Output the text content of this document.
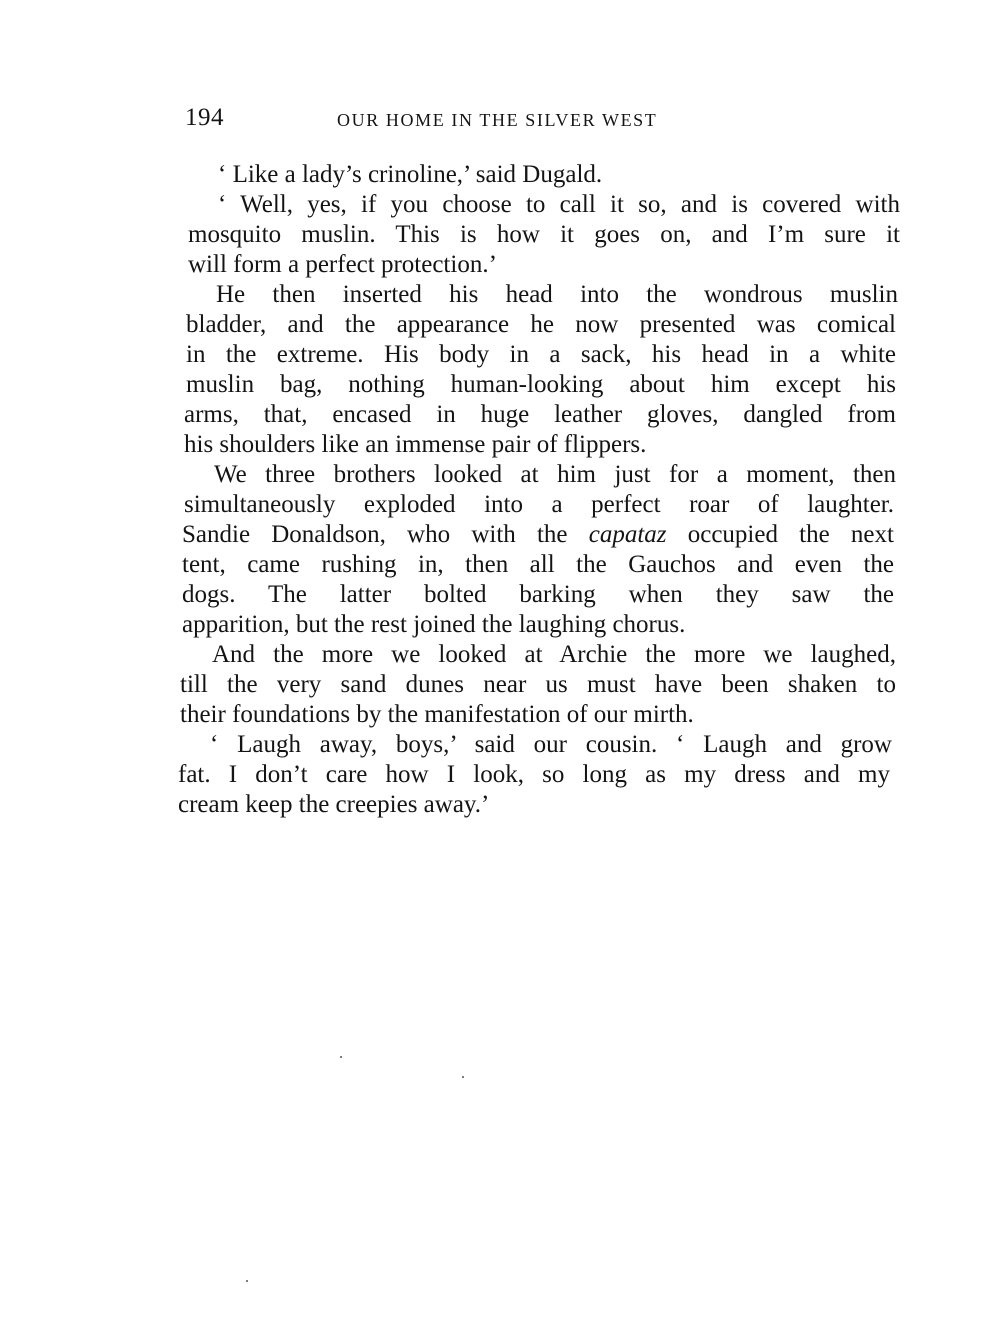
194	OUR HOME IN THE SILVER WEST
‘ Like a lady’s crinoline,’ said Dugald.
‘ Well, yes, if you choose to call it so, and is covered with
mosquito muslin. This is how it goes on, and I’m sure it
will form a perfect protection.’
He then inserted his head into the wondrous muslin
bladder, and the appearance he now presented was comical
in the extreme. His body in a sack, his head in a white
muslin bag, nothing human-looking about him except his
arms, that, encased in huge leather gloves, dangled from
his shoulders like an immense pair of flippers.
We three brothers looked at him just for a moment, then
simultaneously exploded into a perfect roar of laughter.
Sandie Donaldson, who with the capataz occupied the next
tent, came rushing in, then all the Gauchos and even the
dogs. The latter bolted barking when they saw the
apparition, but the rest joined the laughing chorus.
And the more we looked at Archie the more we laughed,
till the very sand dunes near us must have been shaken to
their foundations by the manifestation of our mirth.
‘ Laugh away, boys,’ said our cousin. ‘ Laugh and grow
fat. I don’t care how I look, so long as my dress and my
cream keep the creepies away.’
